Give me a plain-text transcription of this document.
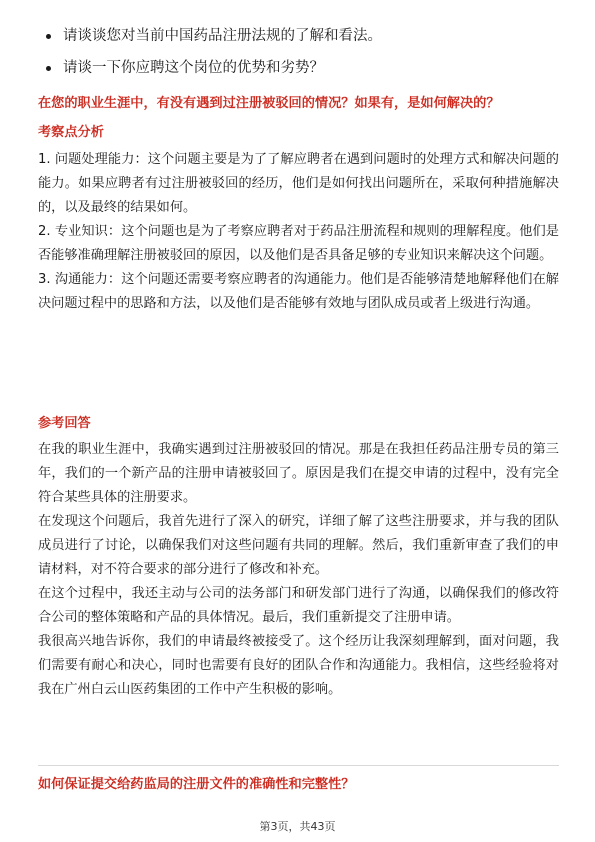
请谈谈您对当前中国药品注册法规的了解和看法。
请谈一下你应聘这个岗位的优势和劣势？
在您的职业生涯中，有没有遇到过注册被驳回的情况？如果有，是如何解决的？
考察点分析

1. 问题处理能力：这个问题主要是为了了解应聘者在遇到问题时的处理方式和解决问题的能力。如果应聘者有过注册被驳回的经历，他们是如何找出问题所在，采取何种措施解决的，以及最终的结果如何。

2. 专业知识：这个问题也是为了考察应聘者对于药品注册流程和规则的理解程度。他们是否能够准确理解注册被驳回的原因，以及他们是否具备足够的专业知识来解决这个问题。

3. 沟通能力：这个问题还需要考察应聘者的沟通能力。他们是否能够清楚地解释他们在解决问题过程中的思路和方法，以及他们是否能够有效地与团队成员或者上级进行沟通。

参考回答

在我的职业生涯中，我确实遇到过注册被驳回的情况。那是在我担任药品注册专员的第三年，我们的一个新产品的注册申请被驳回了。原因是我们在提交申请的过程中，没有完全符合某些具体的注册要求。

在发现这个问题后，我首先进行了深入的研究，详细了解了这些注册要求，并与我的团队成员进行了讨论，以确保我们对这些问题有共同的理解。然后，我们重新审查了我们的申请材料，对不符合要求的部分进行了修改和补充。

在这个过程中，我还主动与公司的法务部门和研发部门进行了沟通，以确保我们的修改符合公司的整体策略和产品的具体情况。最后，我们重新提交了注册申请。

我很高兴地告诉你，我们的申请最终被接受了。这个经历让我深刻理解到，面对问题，我们需要有耐心和决心，同时也需要有良好的团队合作和沟通能力。我相信，这些经验将对我在广州白云山医药集团的工作中产生积极的影响。

如何保证提交给药监局的注册文件的准确性和完整性？
第3页，共43页
